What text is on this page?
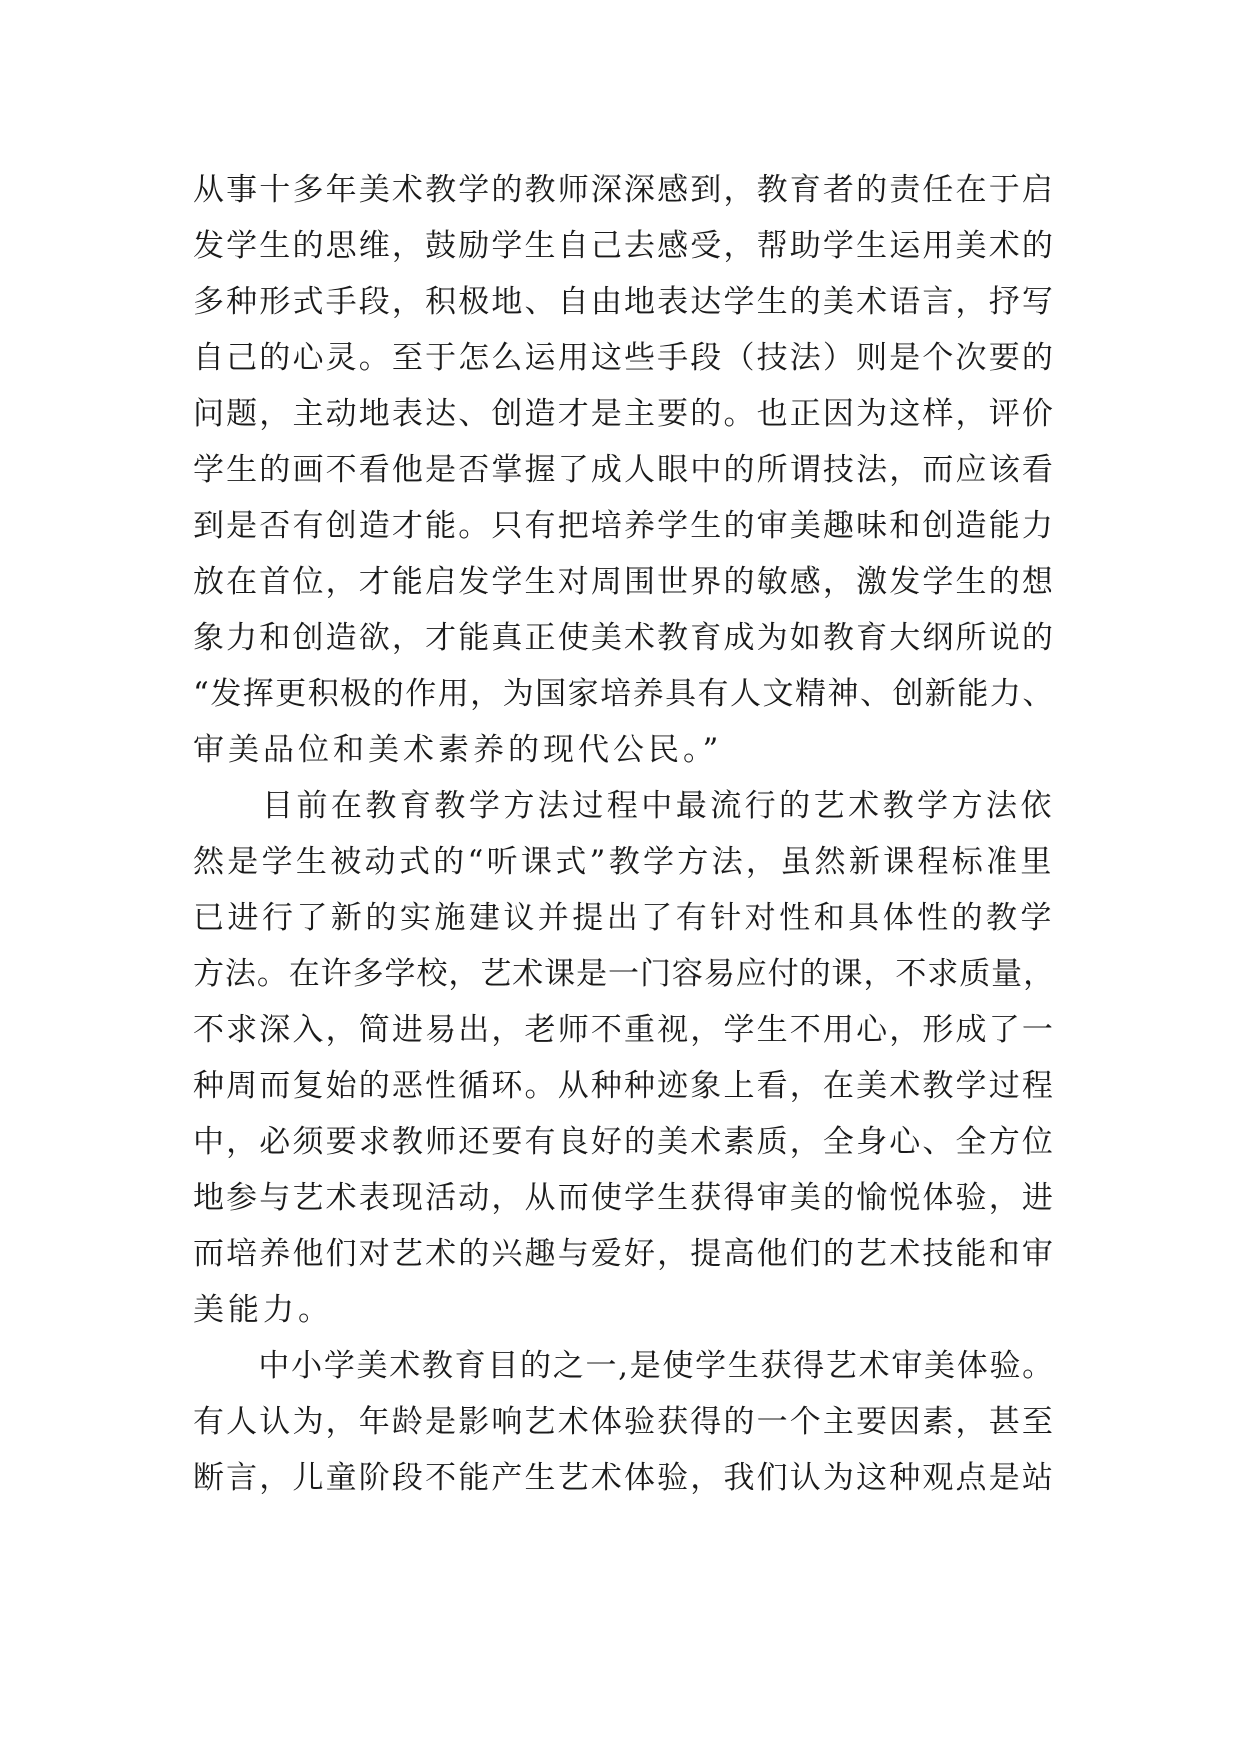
从事十多年美术教学的教师深深感到，教育者的责任在于启
发学生的思维，鼓励学生自己去感受，帮助学生运用美术的
多种形式手段，积极地、自由地表达学生的美术语言，抒写
自己的心灵。至于怎么运用这些手段（技法）则是个次要的
问题，主动地表达、创造才是主要的。也正因为这样，评价
学生的画不看他是否掌握了成人眼中的所谓技法，而应该看
到是否有创造才能。只有把培养学生的审美趣味和创造能力
放在首位，才能启发学生对周围世界的敏感，激发学生的想
象力和创造欲，才能真正使美术教育成为如教育大纲所说的
“发挥更积极的作用，为国家培养具有人文精神、创新能力、
审美品位和美术素养的现代公民。”
　　目前在教育教学方法过程中最流行的艺术教学方法依
然是学生被动式的“听课式”教学方法，虽然新课程标准里
已进行了新的实施建议并提出了有针对性和具体性的教学
方法。在许多学校，艺术课是一门容易应付的课，不求质量，
不求深入，简进易出，老师不重视，学生不用心，形成了一
种周而复始的恶性循环。从种种迹象上看，在美术教学过程
中，必须要求教师还要有良好的美术素质，全身心、全方位
地参与艺术表现活动，从而使学生获得审美的愉悦体验，进
而培养他们对艺术的兴趣与爱好，提高他们的艺术技能和审
美能力。
　　中小学美术教育目的之一,是使学生获得艺术审美体验。
有人认为，年龄是影响艺术体验获得的一个主要因素，甚至
断言，儿童阶段不能产生艺术体验，我们认为这种观点是站
